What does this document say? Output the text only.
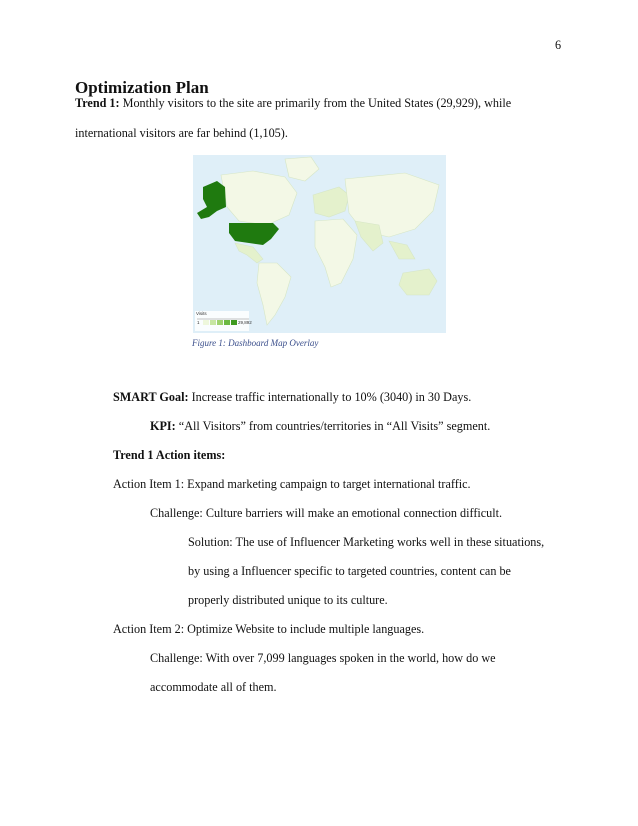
6
Optimization Plan
Trend 1: Monthly visitors to the site are primarily from the United States (29,929), while
international visitors are far behind (1,105).
Visits
1	29,892
Figure 1: Dashboard Map Overlay
SMART Goal: Increase traffic internationally to 10% (3040) in 30 Days.
KPI: “All Visitors” from countries/territories in “All Visits” segment.
Trend 1 Action items:
Action Item 1: Expand marketing campaign to target international traffic.
Challenge: Culture barriers will make an emotional connection difficult.
Solution: The use of Influencer Marketing works well in these situations,
by using a Influencer specific to targeted countries, content can be
properly distributed unique to its culture.
Action Item 2: Optimize Website to include multiple languages.
Challenge: With over 7,099 languages spoken in the world, how do we
accommodate all of them.
